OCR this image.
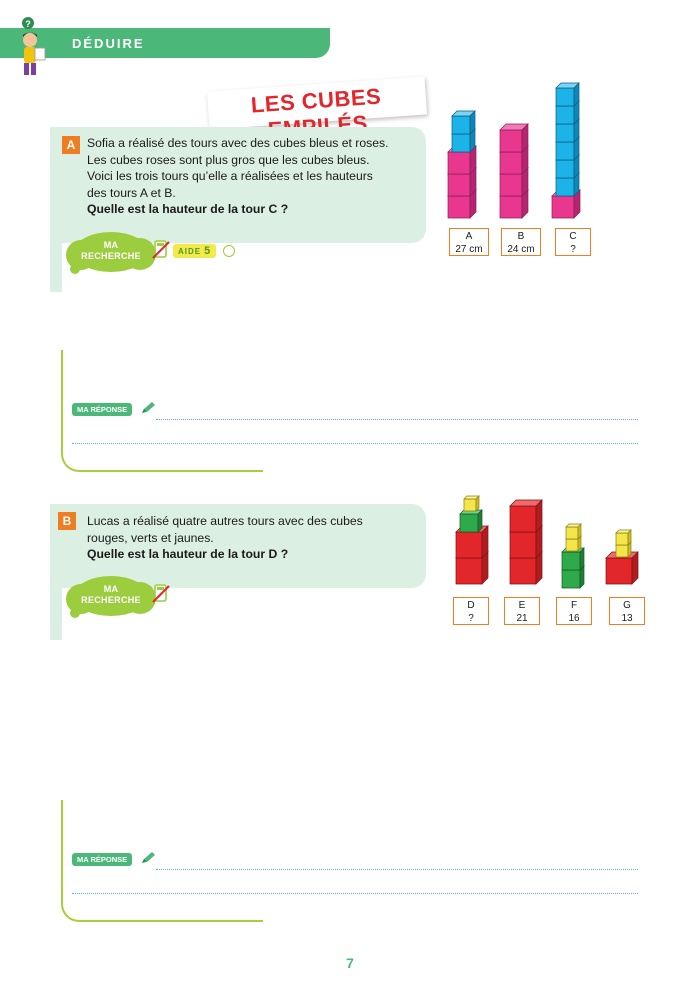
DÉDUIRE
?
LES CUBES
A Sofia a réalisé des tours avec des cubes bleus et roses.
Les cubes roses sont plus gros que les cubes bleus.
Voici les trois tours qu’elle a réalisées et les hauteurs
des tours A et B.
Quelle est la hauteur de la tour C ?
MA
RECHERCHE	AIDE 5
A
27 cm
B
24 cm
C
?
MA RÉPONSE
B	Lucas a réalisé quatre autres tours avec des cubes
rouges, verts et jaunes.
Quelle est la hauteur de la tour D ?
MA
RECHERCHE	D
?
E
21
F
16
G
13
MA RÉPONSE
7
